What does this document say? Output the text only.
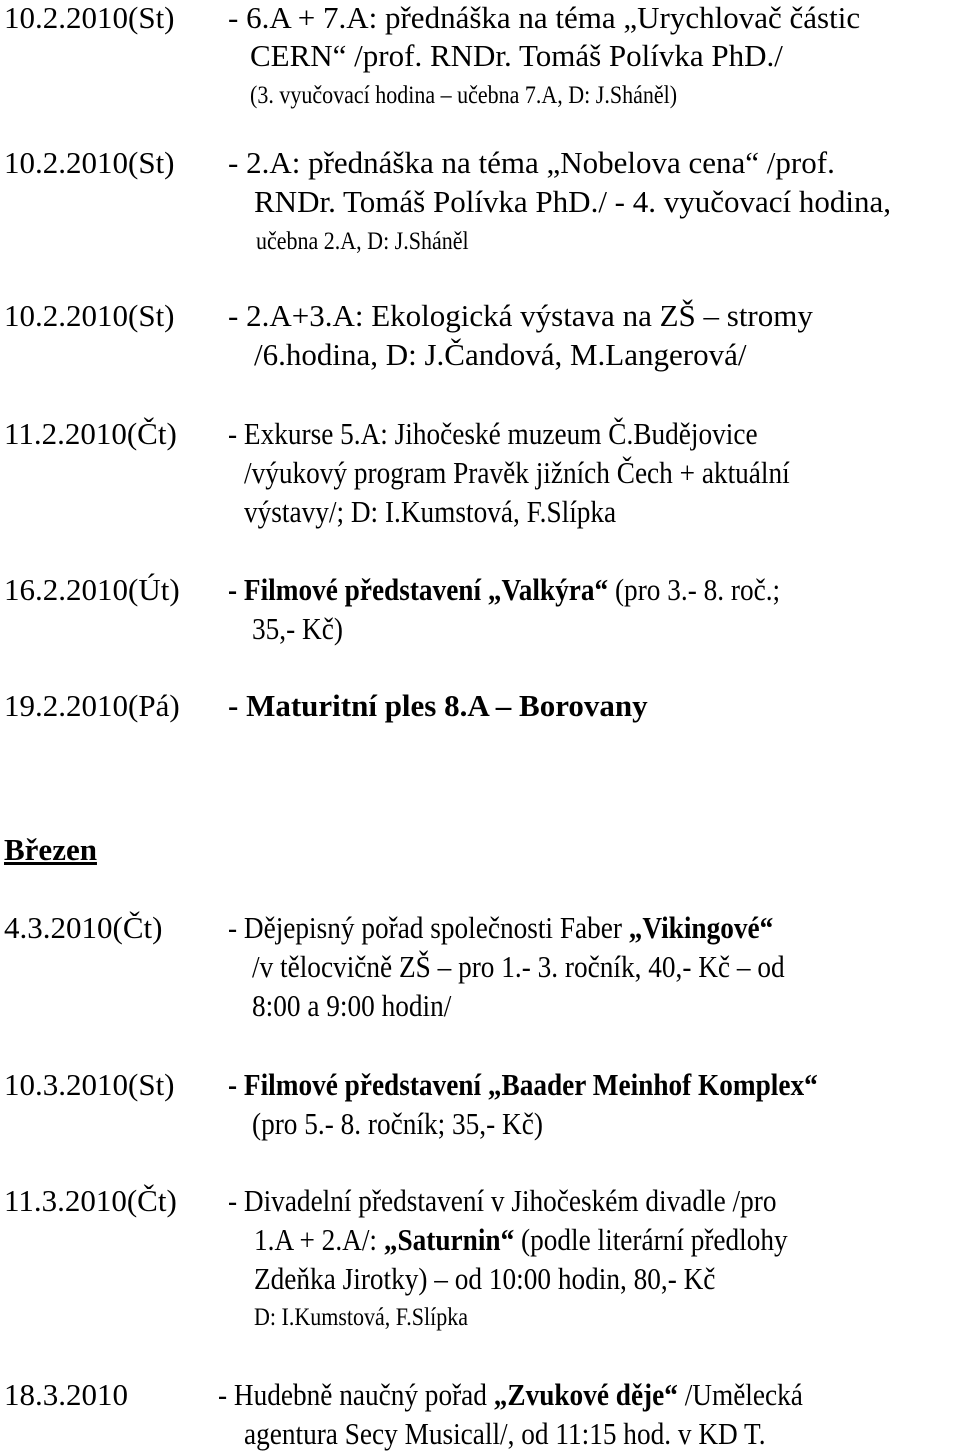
10.2.2010(St) - 6.A + 7.A: přednáška na téma „Urychlovač částic
CERN“ /prof. RNDr. Tomáš Polívka PhD./
(3. vyučovací hodina – učebna 7.A, D: J.Sháněl)
10.2.2010(St) - 2.A: přednáška na téma „Nobelova cena“ /prof.
RNDr. Tomáš Polívka PhD./ - 4. vyučovací hodina,
učebna 2.A, D: J.Sháněl
10.2.2010(St) - 2.A+3.A: Ekologická výstava na ZŠ – stromy
/6.hodina, D: J.Čandová, M.Langerová/
11.2.2010(Čt) - Exkurse 5.A: Jihočeské muzeum Č.Budějovice
/výukový program Pravěk jižních Čech + aktuální
výstavy/; D: I.Kumstová, F.Slípka
16.2.2010(Út) - Filmové představení „Valkýra“ (pro 3.- 8. roč.;
35,- Kč)
19.2.2010(Pá) - Maturitní ples 8.A – Borovany
Březen
4.3.2010(Čt) - Dějepisný pořad společnosti Faber „Vikingové“
/v tělocvičně ZŠ – pro 1.- 3. ročník, 40,- Kč – od
8:00 a 9:00 hodin/
10.3.2010(St) - Filmové představení „Baader Meinhof Komplex“
(pro 5.- 8. ročník; 35,- Kč)
11.3.2010(Čt) - Divadelní představení v Jihočeském divadle /pro
1.A + 2.A/: „Saturnin“ (podle literární předlohy
Zdeňka Jirotky) – od 10:00 hodin, 80,- Kč
D: I.Kumstová, F.Slípka
18.3.2010	- Hudebně naučný pořad „Zvukové děje“ /Umělecká
agentura Secy Musicall/, od 11:15 hod. v KD T.
